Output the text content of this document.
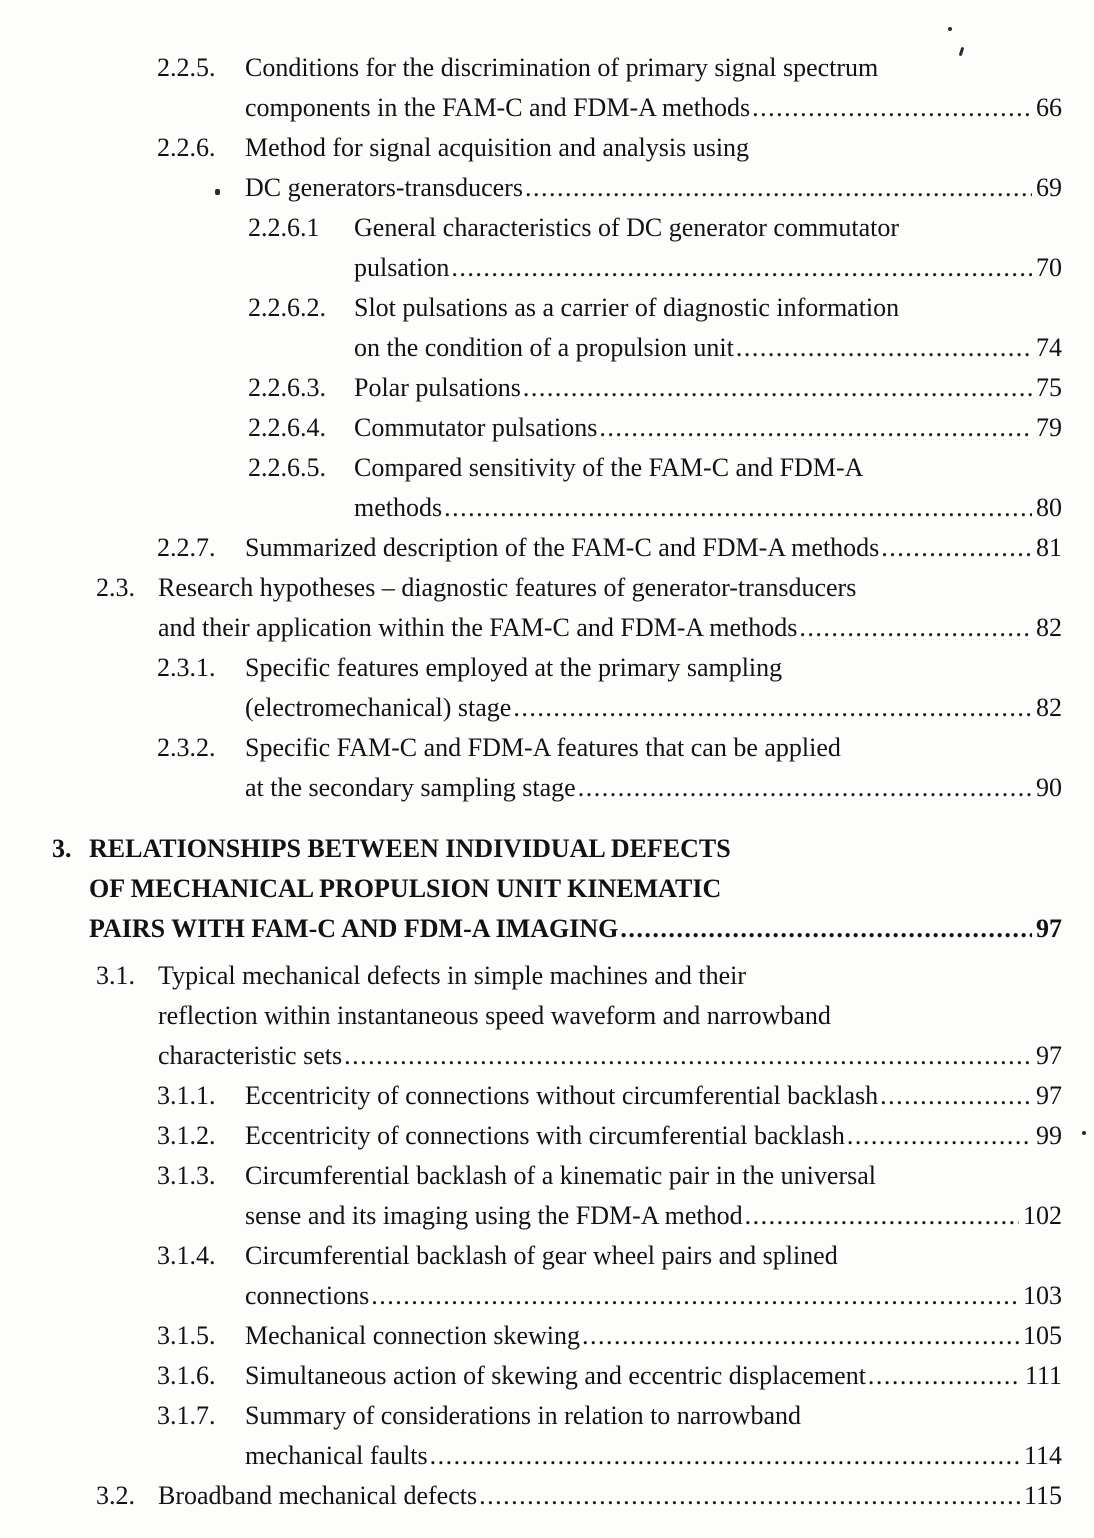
2.2.5.	Conditions for the discrimination of primary signal spectrum
components in the FAM-C and FDM-A methods .....	66
2.2.6.	Method for signal acquisition and analysis using
DC generators-transducers .....	69
2.2.6.1	General characteristics of DC generator commutator
pulsation .....	70
2.2.6.2.	Slot pulsations as a carrier of diagnostic information
on the condition of a propulsion unit .....	74
2.2.6.3.	Polar pulsations .....	75
2.2.6.4.	Commutator pulsations .....	79
2.2.6.5.	Compared sensitivity of the FAM-C and FDM-A
methods .....	80
2.2.7.	Summarized description of the FAM-C and FDM-A methods .....	81
2.3. Research hypotheses – diagnostic features of generator-transducers
and their application within the FAM-C and FDM-A methods .....	82
2.3.1.	Specific features employed at the primary sampling
(electromechanical) stage .....	82
2.3.2.	Specific FAM-C and FDM-A features that can be applied
at the secondary sampling stage .....	90
3. RELATIONSHIPS BETWEEN INDIVIDUAL DEFECTS
OF MECHANICAL PROPULSION UNIT KINEMATIC
PAIRS WITH FAM-C AND FDM-A IMAGING .....	97
3.1. Typical mechanical defects in simple machines and their
reflection within instantaneous speed waveform and narrowband
characteristic sets .....	97
3.1.1.	Eccentricity of connections without circumferential backlash .....	97
3.1.2.	Eccentricity of connections with circumferential backlash .....	99
3.1.3.	Circumferential backlash of a kinematic pair in the universal
sense and its imaging using the FDM-A method .....	102
3.1.4.	Circumferential backlash of gear wheel pairs and splined
connections .....	103
3.1.5.	Mechanical connection skewing .....	105
3.1.6.	Simultaneous action of skewing and eccentric displacement .....	111
3.1.7.	Summary of considerations in relation to narrowband
mechanical faults .....	114
3.2. Broadband mechanical defects .....	115
